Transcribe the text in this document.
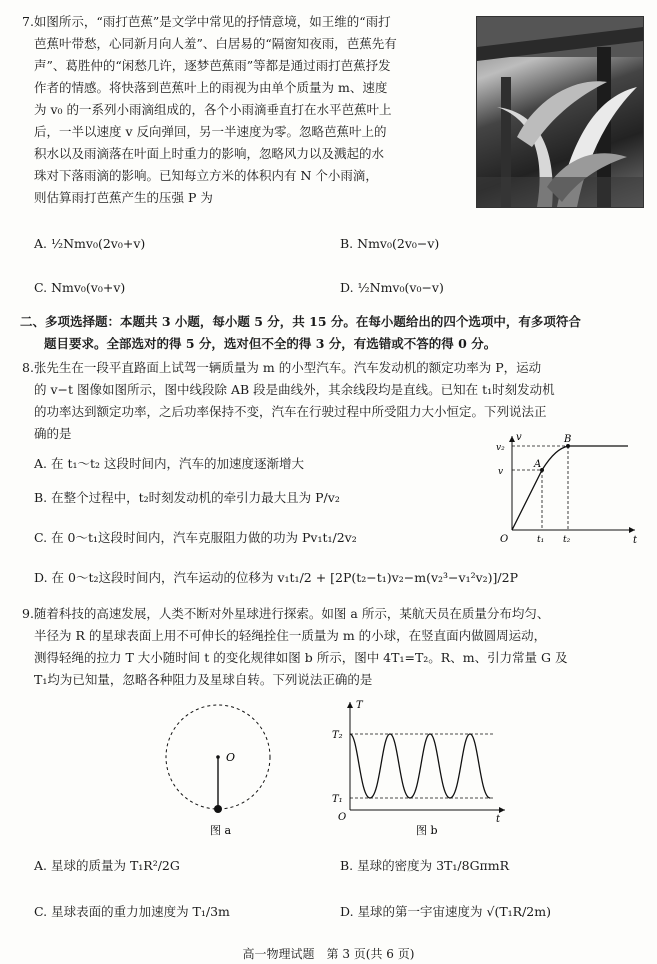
7.如图所示，“雨打芭蕉”是文学中常见的抒情意境，如王维的“雨打
芭蕉叶带愁，心同新月向人羞”、白居易的“隔窗知夜雨，芭蕉先有
声”、葛胜仲的“闲愁几许，逐梦芭蕉雨”等都是通过雨打芭蕉抒发
作者的情感。将快落到芭蕉叶上的雨视为由单个质量为 m、速度
为 v₀ 的一系列小雨滴组成的，各个小雨滴垂直打在水平芭蕉叶上
后，一半以速度 v 反向弹回，另一半速度为零。忽略芭蕉叶上的
积水以及雨滴落在叶面上时重力的影响，忽略风力以及溅起的水
珠对下落雨滴的影响。已知每立方米的体积内有 N 个小雨滴，
则估算雨打芭蕉产生的压强 P 为
A. ½Nmv₀(2v₀+v)	B. Nmv₀(2v₀−v)
C. Nmv₀(v₀+v)	D. ½Nmv₀(v₀−v)
二、多项选择题：本题共 3 小题，每小题 5 分，共 15 分。在每小题给出的四个选项中，有多项符合
题目要求。全部选对的得 5 分，选对但不全的得 3 分，有选错或不答的得 0 分。
8.张先生在一段平直路面上试驾一辆质量为 m 的小型汽车。汽车发动机的额定功率为 P，运动
的 v−t 图像如图所示，图中线段除 AB 段是曲线外，其余线段均是直线。已知在 t₁时刻发动机
的功率达到额定功率，之后功率保持不变，汽车在行驶过程中所受阻力大小恒定。下列说法正
确的是
A. 在 t₁～t₂ 这段时间内，汽车的加速度逐渐增大
B. 在整个过程中，t₂时刻发动机的牵引力最大且为 P/v₂
C. 在 0～t₁这段时间内，汽车克服阻力做的功为 Pv₁t₁/2v₂
D. 在 0～t₂这段时间内，汽车运动的位移为 v₁t₁/2 + [2P(t₂−t₁)v₂−m(v₂³−v₁²v₂)]/2P
v
t
O
v₂
v
t₁ t₂
A
B
9.随着科技的高速发展，人类不断对外星球进行探索。如图 a 所示，某航天员在质量分布均匀、
半径为 R 的星球表面上用不可伸长的轻绳拴住一质量为 m 的小球，在竖直面内做圆周运动，
测得轻绳的拉力 T 大小随时间 t 的变化规律如图 b 所示，图中 4T₁=T₂。R、m、引力常量 G 及
T₁均为已知量，忽略各种阻力及星球自转。下列说法正确的是
O
图 a
T
T₂
T₁
O	t
图 b
A. 星球的质量为 T₁R²/2G	B. 星球的密度为 3T₁/8GπmR
C. 星球表面的重力加速度为 T₁/3m	D. 星球的第一宇宙速度为 √(T₁R/2m)
高一物理试题　第 3 页(共 6 页)
